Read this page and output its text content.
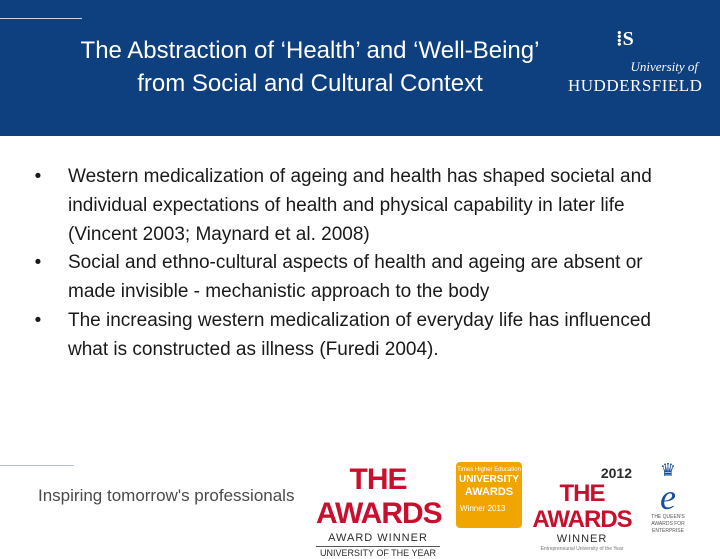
The Abstraction of ‘Health’ and ‘Well-Being’
from Social and Cultural Context
⁞S
University of
HUDDERSFIELD
•	Western medicalization of ageing and health has shaped societal and individual expectations of health and physical capability in later life (Vincent 2003; Maynard et al. 2008)
•	Social and ethno-cultural aspects of health and ageing are absent or made invisible - mechanistic approach to the body
•	The increasing western medicalization of everyday life has influenced what is constructed as illness (Furedi 2004).
Inspiring tomorrow's professionals	THE AWARDS
AWARD WINNER
UNIVERSITY OF THE YEAR
Times Higher Education
UNIVERSITY
AWARDS
Winner 2013
2012
THE AWARDS
WINNER
Entrepreneurial University of the Year
♛
e
THE QUEEN'S AWARDS FOR ENTERPRISE
